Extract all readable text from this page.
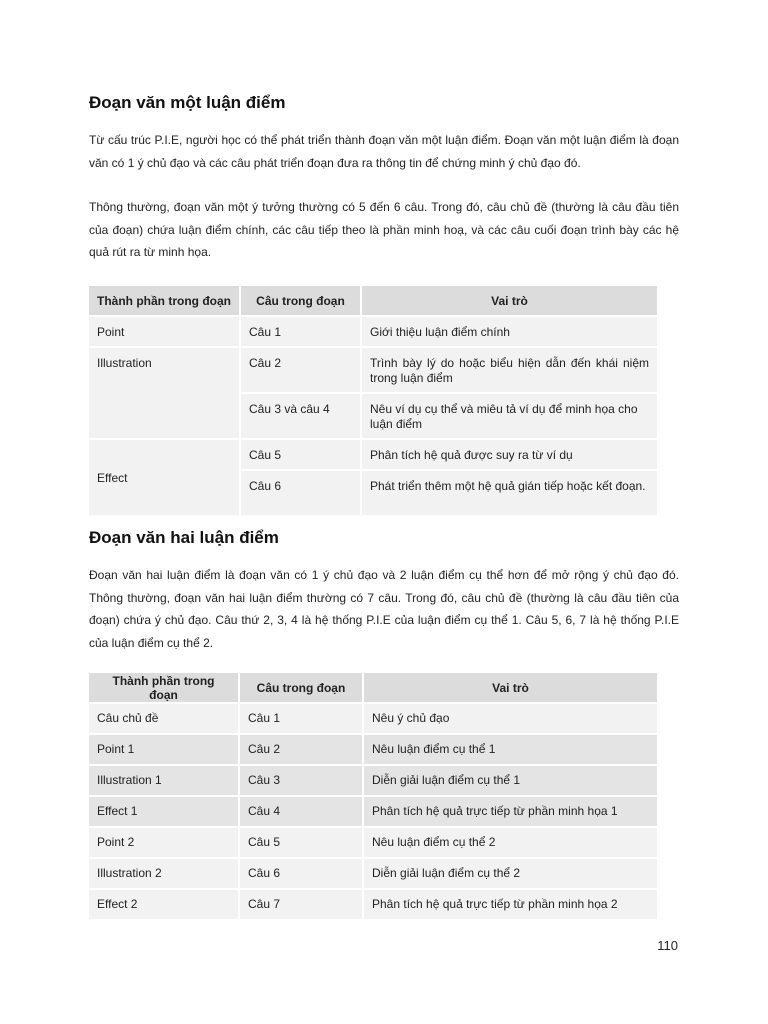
Đoạn văn một luận điểm

Từ cấu trúc P.I.E, người học có thể phát triển thành đoạn văn một luận điểm. Đoạn văn một luận điểm là đoạn văn có 1 ý chủ đạo và các câu phát triển đoạn đưa ra thông tin để chứng minh ý chủ đạo đó.

Thông thường, đoạn văn một ý tưởng thường có 5 đến 6 câu. Trong đó, câu chủ đề (thường là câu đầu tiên của đoạn) chứa luận điểm chính, các câu tiếp theo là phần minh hoạ, và các câu cuối đoạn trình bày các hệ quả rút ra từ minh họa.

Thành phần trong đoạn	Câu trong đoạn	Vai trò
Point	Câu 1	Giới thiệu luận điểm chính
Illustration	Câu 2	Trình bày lý do hoặc biểu hiện dẫn đến khái niệm trong luận điểm
	Câu 3 và câu 4	Nêu ví dụ cụ thể và miêu tả ví dụ để minh họa cho luận điểm
Effect	Câu 5	Phân tích hệ quả được suy ra từ ví dụ
	Câu 6	Phát triển thêm một hệ quả gián tiếp hoặc kết đoạn.
Đoạn văn hai luận điểm

Đoạn văn hai luận điểm là đoạn văn có 1 ý chủ đạo và 2 luận điểm cụ thể hơn để mở rộng ý chủ đạo đó. Thông thường, đoạn văn hai luận điểm thường có 7 câu. Trong đó, câu chủ đề (thường là câu đầu tiên của đoạn) chứa ý chủ đạo. Câu thứ 2, 3, 4 là hệ thống P.I.E của luận điểm cụ thể 1. Câu 5, 6, 7 là hệ thống P.I.E của luận điểm cụ thể 2.

Thành phần trong đoạn	Câu trong đoạn	Vai trò
Câu chủ đề	Câu 1	Nêu ý chủ đạo
Point 1	Câu 2	Nêu luận điểm cụ thể 1
Illustration 1	Câu 3	Diễn giải luận điểm cụ thể 1
Effect 1	Câu 4	Phân tích hệ quả trực tiếp từ phần minh họa 1
Point 2	Câu 5	Nêu luận điểm cụ thể 2
Illustration 2	Câu 6	Diễn giải luận điểm cụ thể 2
Effect 2	Câu 7	Phân tích hệ quả trực tiếp từ phần minh họa 2
110
